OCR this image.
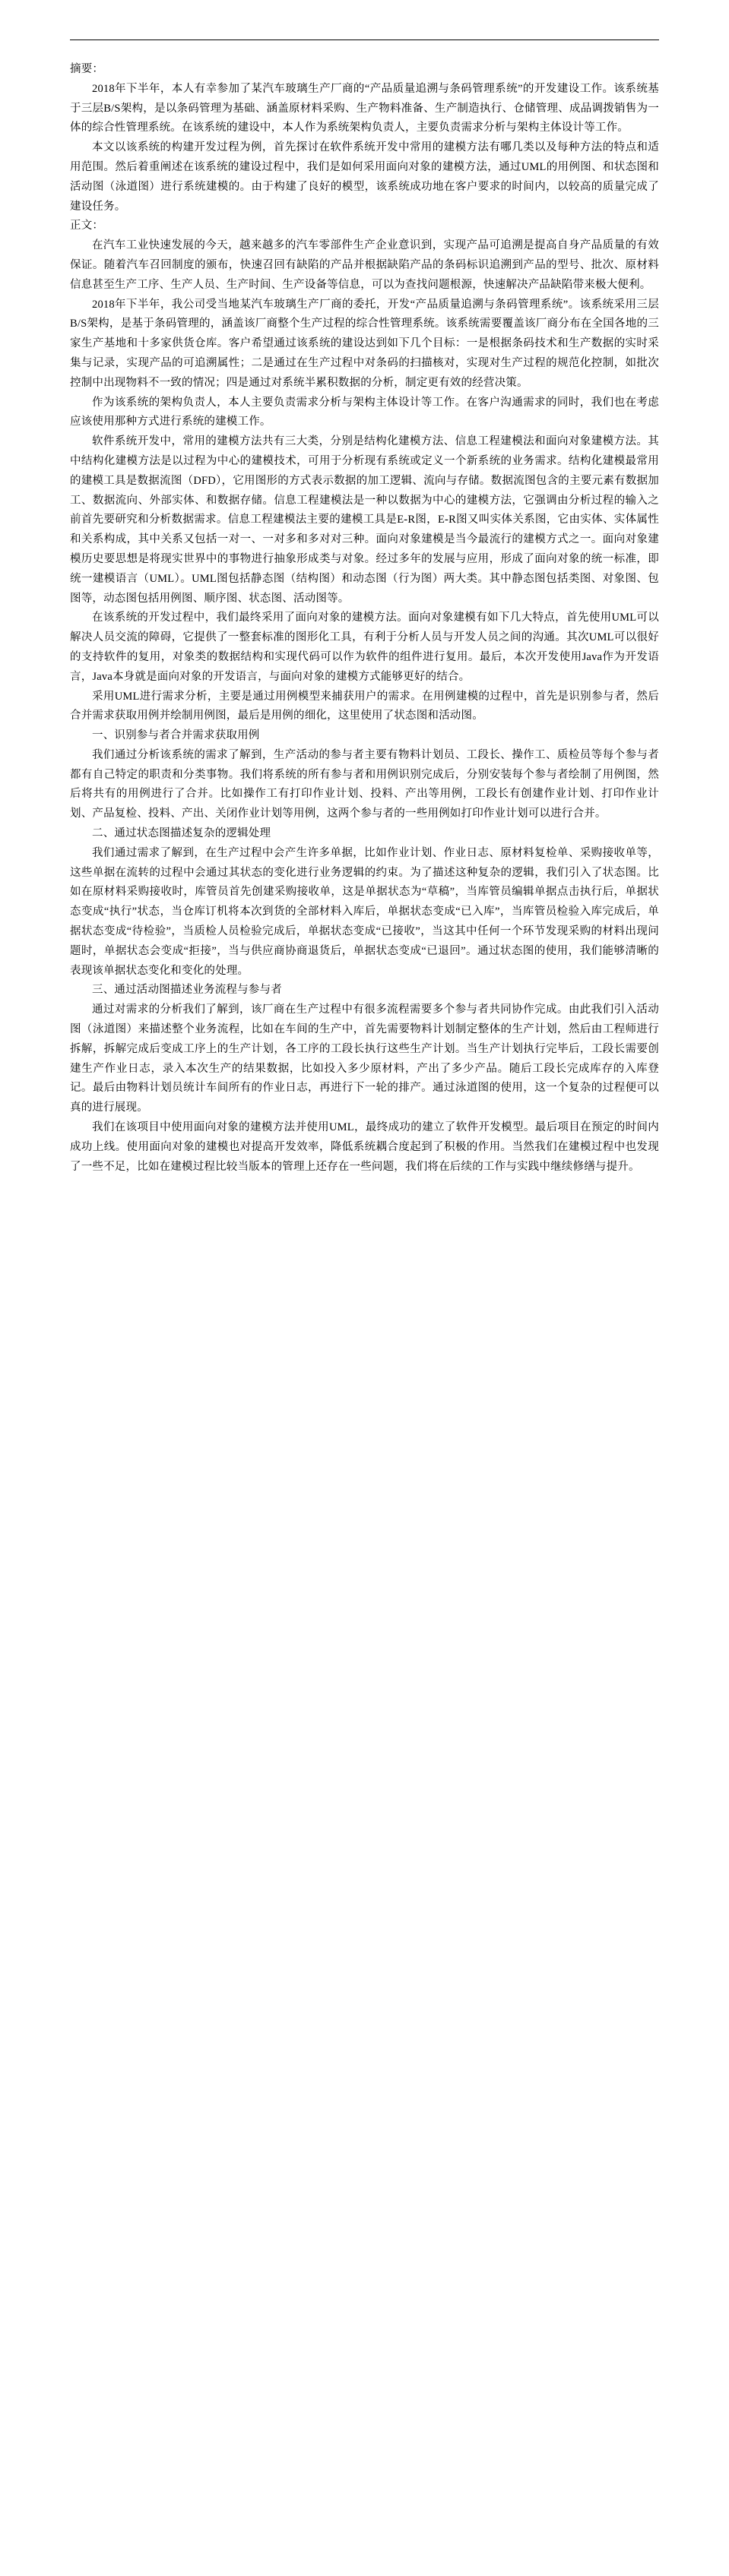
摘要：

2018年下半年，本人有幸参加了某汽车玻璃生产厂商的“产品质量追溯与条码管理系统”的开发建设工作。该系统基于三层B/S架构，是以条码管理为基础、涵盖原材料采购、生产物料准备、生产制造执行、仓储管理、成品调拨销售为一体的综合性管理系统。在该系统的建设中，本人作为系统架构负责人，主要负责需求分析与架构主体设计等工作。

本文以该系统的构建开发过程为例，首先探讨在软件系统开发中常用的建模方法有哪几类以及每种方法的特点和适用范围。然后着重阐述在该系统的建设过程中，我们是如何采用面向对象的建模方法，通过UML的用例图、和状态图和活动图（泳道图）进行系统建模的。由于构建了良好的模型，该系统成功地在客户要求的时间内，以较高的质量完成了建设任务。

正文：

在汽车工业快速发展的今天，越来越多的汽车零部件生产企业意识到，实现产品可追溯是提高自身产品质量的有效保证。随着汽车召回制度的颁布，快速召回有缺陷的产品并根据缺陷产品的条码标识追溯到产品的型号、批次、原材料信息甚至生产工序、生产人员、生产时间、生产设备等信息，可以为查找问题根源，快速解决产品缺陷带来极大便利。

2018年下半年，我公司受当地某汽车玻璃生产厂商的委托，开发“产品质量追溯与条码管理系统”。该系统采用三层B/S架构，是基于条码管理的，涵盖该厂商整个生产过程的综合性管理系统。该系统需要覆盖该厂商分布在全国各地的三家生产基地和十多家供货仓库。客户希望通过该系统的建设达到如下几个目标：一是根据条码技术和生产数据的实时采集与记录，实现产品的可追溯属性；二是通过在生产过程中对条码的扫描核对，实现对生产过程的规范化控制，如批次控制中出现物料不一致的情况；四是通过对系统半累积数据的分析，制定更有效的经营决策。

作为该系统的架构负责人，本人主要负责需求分析与架构主体设计等工作。在客户沟通需求的同时，我们也在考虑应该使用那种方式进行系统的建模工作。

软件系统开发中，常用的建模方法共有三大类，分别是结构化建模方法、信息工程建模法和面向对象建模方法。其中结构化建模方法是以过程为中心的建模技术，可用于分析现有系统或定义一个新系统的业务需求。结构化建模最常用的建模工具是数据流图（DFD），它用图形的方式表示数据的加工逻辑、流向与存储。数据流图包含的主要元素有数据加工、数据流向、外部实体、和数据存储。信息工程建模法是一种以数据为中心的建模方法，它强调由分析过程的输入之前首先要研究和分析数据需求。信息工程建模法主要的建模工具是E-R图，E-R图又叫实体关系图，它由实体、实体属性和关系构成，其中关系又包括一对一、一对多和多对对三种。面向对象建模是当今最流行的建模方式之一。面向对象建模历史要思想是将现实世界中的事物进行抽象形成类与对象。经过多年的发展与应用，形成了面向对象的统一标准，即统一建模语言（UML）。UML图包括静态图（结构图）和动态图（行为图）两大类。其中静态图包括类图、对象图、包图等，动态图包括用例图、顺序图、状态图、活动图等。

在该系统的开发过程中，我们最终采用了面向对象的建模方法。面向对象建模有如下几大特点，首先使用UML可以解决人员交流的障碍，它提供了一整套标准的图形化工具，有利于分析人员与开发人员之间的沟通。其次UML可以很好的支持软件的复用，对象类的数据结构和实现代码可以作为软件的组件进行复用。最后，本次开发使用Java作为开发语言，Java本身就是面向对象的开发语言，与面向对象的建模方式能够更好的结合。

采用UML进行需求分析，主要是通过用例模型来捕获用户的需求。在用例建模的过程中，首先是识别参与者，然后合并需求获取用例并绘制用例图，最后是用例的细化，这里使用了状态图和活动图。

一、识别参与者合并需求获取用例

我们通过分析该系统的需求了解到，生产活动的参与者主要有物料计划员、工段长、操作工、质检员等每个参与者都有自己特定的职责和分类事物。我们将系统的所有参与者和用例识别完成后，分别安装每个参与者绘制了用例图，然后将共有的用例进行了合并。比如操作工有打印作业计划、投料、产出等用例，工段长有创建作业计划、打印作业计划、产品复检、投料、产出、关闭作业计划等用例，这两个参与者的一些用例如打印作业计划可以进行合并。

二、通过状态图描述复杂的逻辑处理

我们通过需求了解到，在生产过程中会产生许多单据，比如作业计划、作业日志、原材料复检单、采购接收单等，这些单据在流转的过程中会通过其状态的变化进行业务逻辑的约束。为了描述这种复杂的逻辑，我们引入了状态图。比如在原材料采购接收时，库管员首先创建采购接收单，这是单据状态为“草稿”，当库管员编辑单据点击执行后，单据状态变成“执行”状态，当仓库订机将本次到货的全部材料入库后，单据状态变成“已入库”，当库管员检验入库完成后，单据状态变成“待检验”，当质检人员检验完成后，单据状态变成“已接收”，当这其中任何一个环节发现采购的材料出现问题时，单据状态会变成“拒接”，当与供应商协商退货后，单据状态变成“已退回”。通过状态图的使用，我们能够清晰的表现该单据状态变化和变化的处理。

三、通过活动图描述业务流程与参与者

通过对需求的分析我们了解到，该厂商在生产过程中有很多流程需要多个参与者共同协作完成。由此我们引入活动图（泳道图）来描述整个业务流程，比如在车间的生产中，首先需要物料计划制定整体的生产计划，然后由工程师进行拆解，拆解完成后变成工序上的生产计划，各工序的工段长执行这些生产计划。当生产计划执行完毕后，工段长需要创建生产作业日志，录入本次生产的结果数据，比如投入多少原材料，产出了多少产品。随后工段长完成库存的入库登记。最后由物料计划员统计车间所有的作业日志，再进行下一轮的排产。通过泳道图的使用，这一个复杂的过程便可以真的进行展现。

我们在该项目中使用面向对象的建模方法并使用UML，最终成功的建立了软件开发模型。最后项目在预定的时间内成功上线。使用面向对象的建模也对提高开发效率，降低系统耦合度起到了积极的作用。当然我们在建模过程中也发现了一些不足，比如在建模过程比较当版本的管理上还存在一些问题，我们将在后续的工作与实践中继续修缮与提升。
